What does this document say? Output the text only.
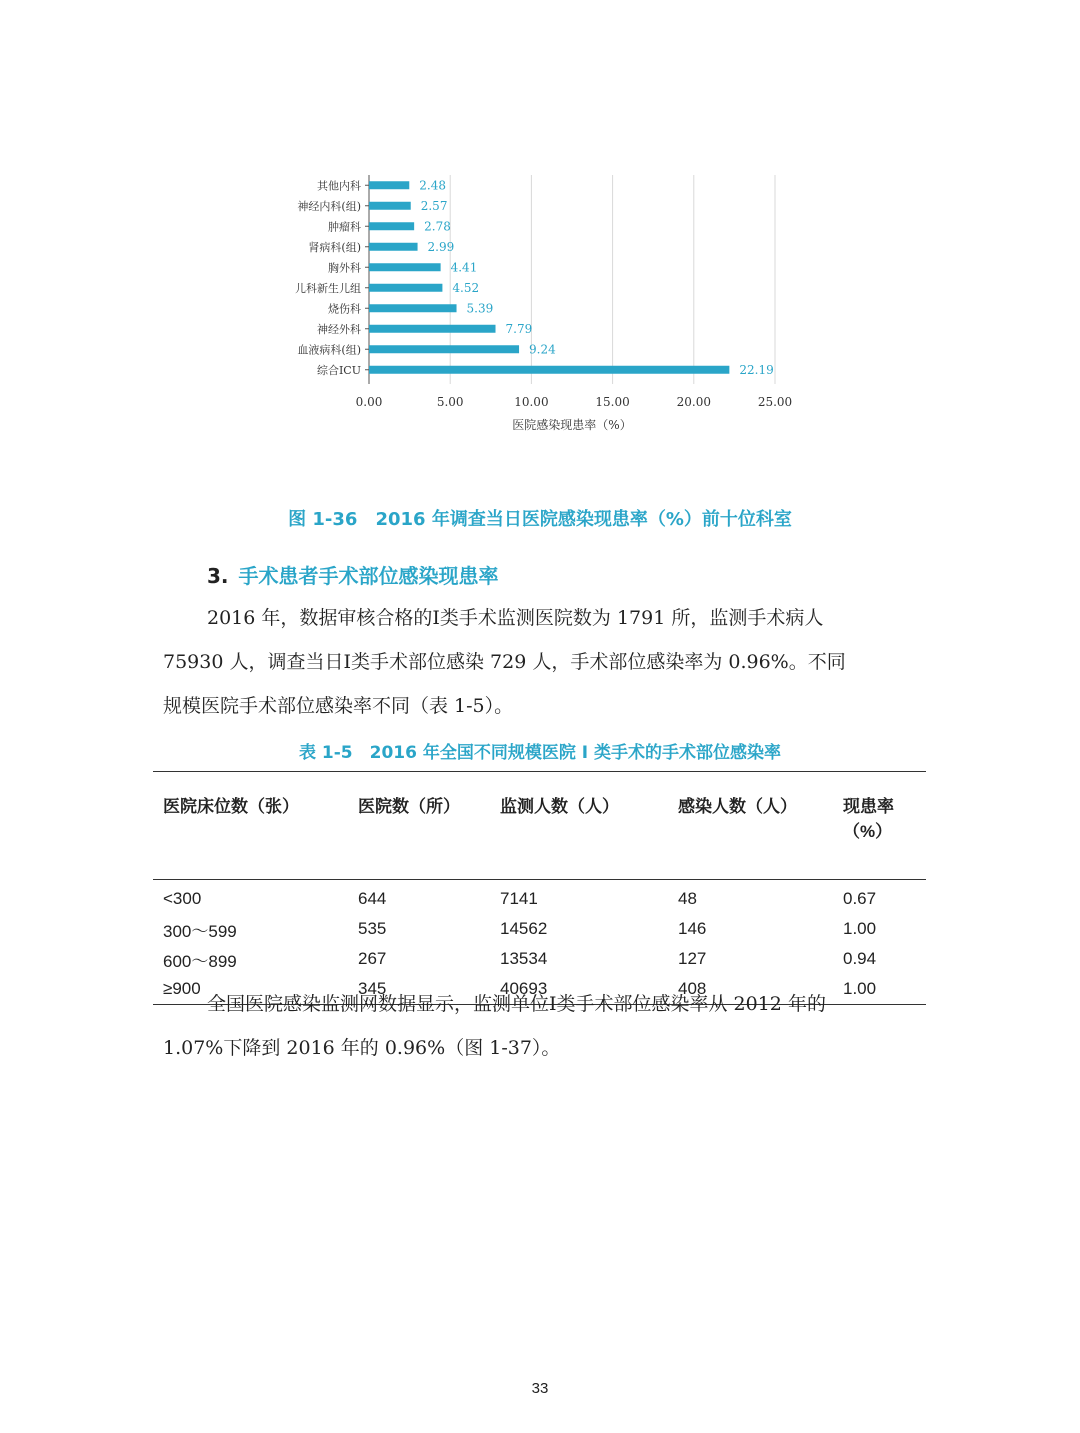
0.00	5.00	10.00	15.00	20.00	25.00
其他内科	2.48
神经内科(组)	2.57
肿瘤科	2.78
肾病科(组)	2.99
胸外科	4.41
儿科新生儿组	4.52
烧伤科	5.39
神经外科	7.79
血液病科(组)	9.24
综合ICU	22.19
医院感染现患率（%）
图 1-36　2016 年调查当日医院感染现患率（%）前十位科室
3. 手术患者手术部位感染现患率
2016 年，数据审核合格的I类手术监测医院数为 1791 所，监测手术病人
75930 人，调查当日I类手术部位感染 729 人，手术部位感染率为 0.96%。不同
规模医院手术部位感染率不同（表 1-5）。
表 1-5　2016 年全国不同规模医院 I 类手术的手术部位感染率
医院床位数（张）	医院数（所）	监测人数（人）	感染人数（人）	现患率（%）
<300	644	7141	48	0.67
300～599	535	14562	146	1.00
600～899	267	13534	127	0.94
≥900	345	40693	408	1.00
全国医院感染监测网数据显示，监测单位I类手术部位感染率从 2012 年的
1.07%下降到 2016 年的 0.96%（图 1-37）。
33
